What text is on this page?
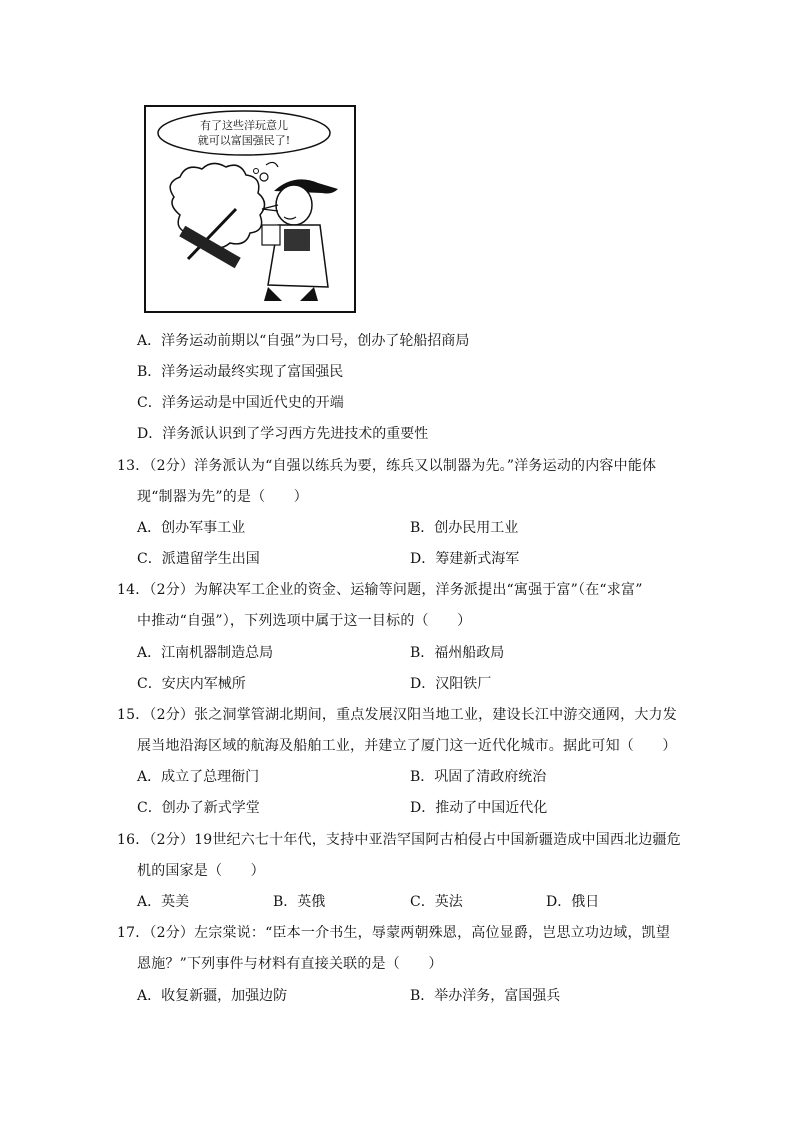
有了这些洋玩意儿
就可以富国强民了!
A．洋务运动前期以“自强”为口号，创办了轮船招商局
B．洋务运动最终实现了富国强民
C．洋务运动是中国近代史的开端
D．洋务派认识到了学习西方先进技术的重要性
13．（2分）洋务派认为“自强以练兵为要，练兵又以制器为先。”洋务运动的内容中能体
现“制器为先”的是（　　）
A．创办军事工业	B．创办民用工业
C．派遣留学生出国	D．筹建新式海军
14．（2分）为解决军工企业的资金、运输等问题，洋务派提出“寓强于富”（在“求富”
中推动“自强”），下列选项中属于这一目标的（　　）
A．江南机器制造总局	B．福州船政局
C．安庆内军械所	D．汉阳铁厂
15．（2分）张之洞掌管湖北期间，重点发展汉阳当地工业，建设长江中游交通网，大力发
展当地沿海区域的航海及船舶工业，并建立了厦门这一近代化城市。据此可知（　　）
A．成立了总理衙门	B．巩固了清政府统治
C．创办了新式学堂	D．推动了中国近代化
16．（2分）19世纪六七十年代，支持中亚浩罕国阿古柏侵占中国新疆造成中国西北边疆危
机的国家是（　　）
A．英美	B．英俄	C．英法	D．俄日
17．（2分）左宗棠说：“臣本一介书生，辱蒙两朝殊恩，高位显爵，岂思立功边域，凯望
恩施？”下列事件与材料有直接关联的是（　　）
A．收复新疆，加强边防	B．举办洋务，富国强兵
